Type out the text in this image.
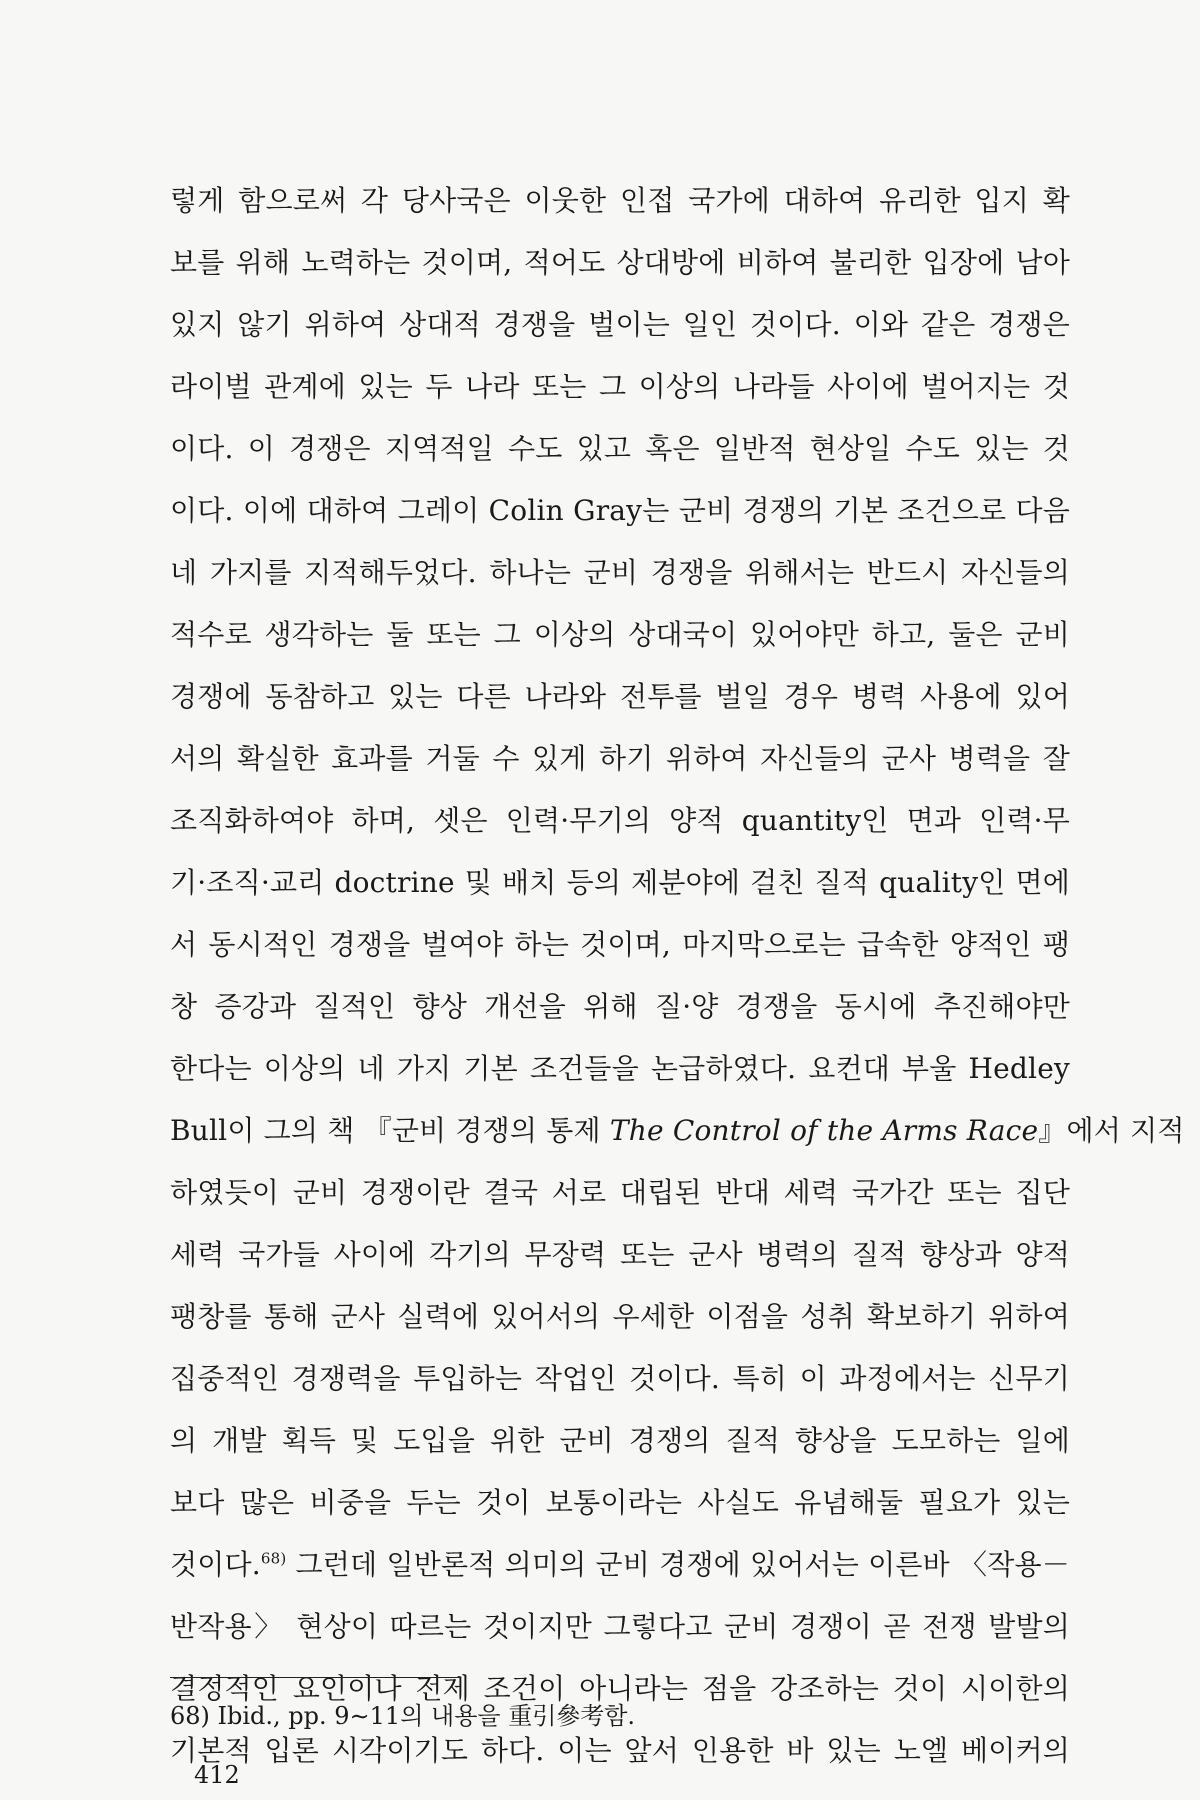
렇게 함으로써 각 당사국은 이웃한 인접 국가에 대하여 유리한 입지 확
보를 위해 노력하는 것이며, 적어도 상대방에 비하여 불리한 입장에 남아
있지 않기 위하여 상대적 경쟁을 벌이는 일인 것이다. 이와 같은 경쟁은
라이벌 관계에 있는 두 나라 또는 그 이상의 나라들 사이에 벌어지는 것
이다. 이 경쟁은 지역적일 수도 있고 혹은 일반적 현상일 수도 있는 것
이다. 이에 대하여 그레이 Colin Gray는 군비 경쟁의 기본 조건으로 다음
네 가지를 지적해두었다. 하나는 군비 경쟁을 위해서는 반드시 자신들의
적수로 생각하는 둘 또는 그 이상의 상대국이 있어야만 하고, 둘은 군비
경쟁에 동참하고 있는 다른 나라와 전투를 벌일 경우 병력 사용에 있어
서의 확실한 효과를 거둘 수 있게 하기 위하여 자신들의 군사 병력을 잘
조직화하여야 하며, 셋은 인력·무기의 양적 quantity인 면과 인력·무
기·조직·교리 doctrine 및 배치 등의 제분야에 걸친 질적 quality인 면에
서 동시적인 경쟁을 벌여야 하는 것이며, 마지막으로는 급속한 양적인 팽
창 증강과 질적인 향상 개선을 위해 질·양 경쟁을 동시에 추진해야만
한다는 이상의 네 가지 기본 조건들을 논급하였다. 요컨대 부울 Hedley
Bull이 그의 책 『군비 경쟁의 통제 The Control of the Arms Race』에서 지적
하였듯이 군비 경쟁이란 결국 서로 대립된 반대 세력 국가간 또는 집단
세력 국가들 사이에 각기의 무장력 또는 군사 병력의 질적 향상과 양적
팽창를 통해 군사 실력에 있어서의 우세한 이점을 성취 확보하기 위하여
집중적인 경쟁력을 투입하는 작업인 것이다. 특히 이 과정에서는 신무기
의 개발 획득 및 도입을 위한 군비 경쟁의 질적 향상을 도모하는 일에
보다 많은 비중을 두는 것이 보통이라는 사실도 유념해둘 필요가 있는
것이다.$^{68)}$ 그런데 일반론적 의미의 군비 경쟁에 있어서는 이른바 〈작용－
반작용〉 현상이 따르는 것이지만 그렇다고 군비 경쟁이 곧 전쟁 발발의
결정적인 요인이나 전제 조건이 아니라는 점을 강조하는 것이 시이한의
기본적 입론 시각이기도 하다. 이는 앞서 인용한 바 있는 노엘 베이커의
68) Ibid., pp. 9∼11의 내용을 重引參考함.
412
